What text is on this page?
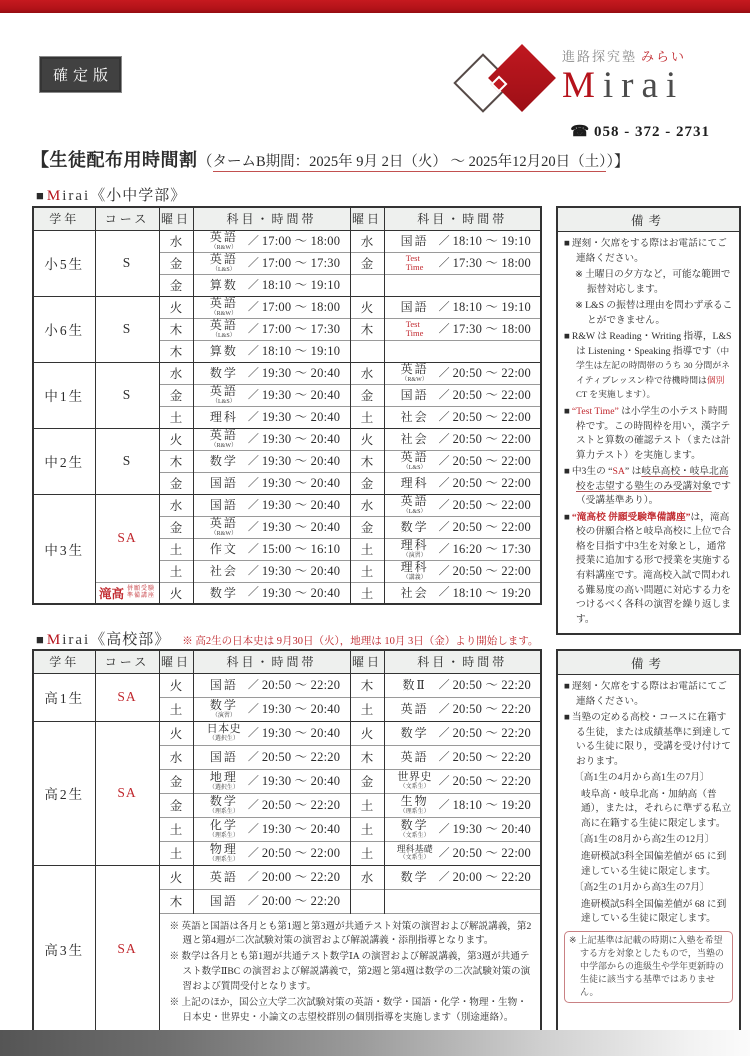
確定版
進路探究塾 みらい
Mirai
☎ 058 - 372 - 2731
【生徒配布用時間割（タームB期間：2025年 9月 2日（火） ～ 2025年12月20日（土））】
■ Mirai《小中学部》
学年	コース	曜日	科目・時間帯	曜日	科目・時間帯
小5生	S	水	英語
（R&W）
／ 17:00 ～ 18:00	水	国語 ／ 18:10 ～ 19:10

金	英語
（L&S）
／ 17:00 ～ 17:30	金	Test
Time ／ 17:30 ～ 18:00

		金	算数 ／ 18:10 ～ 19:10		

小6生	S	火	英語
（R&W）
／ 17:00 ～ 18:00	火	国語 ／ 18:10 ～ 19:10

木	英語
（L&S）
／ 17:00 ～ 17:30	木	Test
Time ／ 17:30 ～ 18:00

		木	算数 ／ 18:10 ～ 19:10		

中1生	S	水	数学 ／ 19:30 ～ 20:40	水	英語
（R&W）
／ 20:50 ～ 22:00

		金	英語
（L&S）
／ 19:30 ～ 20:40	金	国語 ／ 20:50 ～ 22:00

		土	理科 ／ 19:30 ～ 20:40	土	社会 ／ 20:50 ～ 22:00

中2生	S	火	英語
（R&W）
／ 19:30 ～ 20:40	火	社会 ／ 20:50 ～ 22:00

		木	数学 ／ 19:30 ～ 20:40	木	英語
（L&S）
／ 20:50 ～ 22:00

		金	国語 ／ 19:30 ～ 20:40	金	理科 ／ 20:50 ～ 22:00

中3生	SA	水	国語 ／ 19:30 ～ 20:40	水	英語
（L&S）
／ 20:50 ～ 22:00

		金	英語
（R&W）
／ 19:30 ～ 20:40	金	数学 ／ 20:50 ～ 22:00

		土	作文 ／ 15:00 ～ 16:10	土	理科
（演習）
／ 16:20 ～ 17:30

		土	社会 ／ 19:30 ～ 20:40	土	理科
（講義）
／ 20:50 ～ 22:00

滝高 併願受験
準備講座	火	数学 ／ 19:30 ～ 20:40	土	社会 ／ 18:10 ～ 19:20
備考
■ 遅刻・欠席をする際はお電話にてご連絡ください。
※ 土曜日の夕方など，可能な範囲で振替対応します。
※ L&S の振替は理由を問わず承ることができません。
■ R&W は Reading・Writing 指導，L&S は Listening・Speaking 指導です（中学生は左記の時間帯のうち 30 分間がネイティブレッスン枠で待機時間は個別 CT を実施します）。
■ “Test Time” は小学生の小テスト時間枠です。この時間枠を用い，漢字テストと算数の確認テスト（または計算力テスト）を実施します。
■ 中3生の “SA” は岐阜高校・岐阜北高校を志望する塾生のみ受講対象です（受講基準あり）。
■ “滝高校 併願受験準備講座”は，滝高校の併願合格と岐阜高校に上位で合格を目指す中3生を対象とし，通常授業に追加する形で授業を実施する有料講座です。滝高校入試で問われる難易度の高い問題に対応する力をつけるべく各科の演習を繰り返します。
■ Mirai《高校部》 ※ 高2生の日本史は 9月30日（火），地理は 10月 3日（金）より開始します。
学年	コース	曜日	科目・時間帯	曜日	科目・時間帯
高1生	SA	火	国語 ／ 20:50 ～ 22:20	木	数Ⅱ ／ 20:50 ～ 22:20

		土	数学
（演習）
／ 19:30 ～ 20:40	土	英語 ／ 20:50 ～ 22:20

高2生	SA	火	日本史
（選択生）
／ 19:30 ～ 20:40	火	数学 ／ 20:50 ～ 22:20

		水	国語 ／ 20:50 ～ 22:20	木	英語 ／ 20:50 ～ 22:20

		金	地理
（選択生）
／ 19:30 ～ 20:40	金	世界史
（文系生）
／ 20:50 ～ 22:20

		金	数学
（理系生）
／ 20:50 ～ 22:20	土	生物
（理系生）
／ 18:10 ～ 19:20

		土	化学
（理系生）
／ 19:30 ～ 20:40	土	数学
（文系生）
／ 19:30 ～ 20:40

		土	物理
（理系生）
／ 20:50 ～ 22:00	土	理科基礎
（文系生） ／ 20:50 ～ 22:00

高3生	SA	火	英語 ／ 20:00 ～ 22:20	水	数学 ／ 20:00 ～ 22:20

		木	国語 ／ 20:00 ～ 22:20		

		※ 英語と国語は各月とも第1週と第3週が共通テスト対策の演習および解説講義，第2週と第4週が二次試験対策の演習および解説講義・添削指導となります。
※ 数学は各月とも第1週が共通テスト数学ⅠA の演習および解説講義，第3週が共通テスト数学ⅡBC の演習および解説講義で，第2週と第4週は数学の二次試験対策の演習および質問受付となります。
※ 上記のほか，国公立大学二次試験対策の英語・数学・国語・化学・物理・生物・日本史・世界史・小論文の志望校群別の個別指導を実施します（別途連絡）。			
備考
■ 遅刻・欠席をする際はお電話にてご連絡ください。
■ 当塾の定める高校・コースに在籍する生徒，または成績基準に到達している生徒に限り，受講を受け付けております。
〔高1生の4月から高1生の7月〕
岐阜高・岐阜北高・加納高（普通），または，それらに準ずる私立高に在籍する生徒に限定します。
〔高1生の8月から高2生の12月〕
進研模試3科全国偏差値が 65 に到達している生徒に限定します。
〔高2生の1月から高3生の7月〕
進研模試5科全国偏差値が 68 に到達している生徒に限定します。
※ 上記基準は記載の時期に入塾を希望する方を対象としたもので，当塾の中学部からの進級生や学年更新時の生徒に該当する基準ではありません。
